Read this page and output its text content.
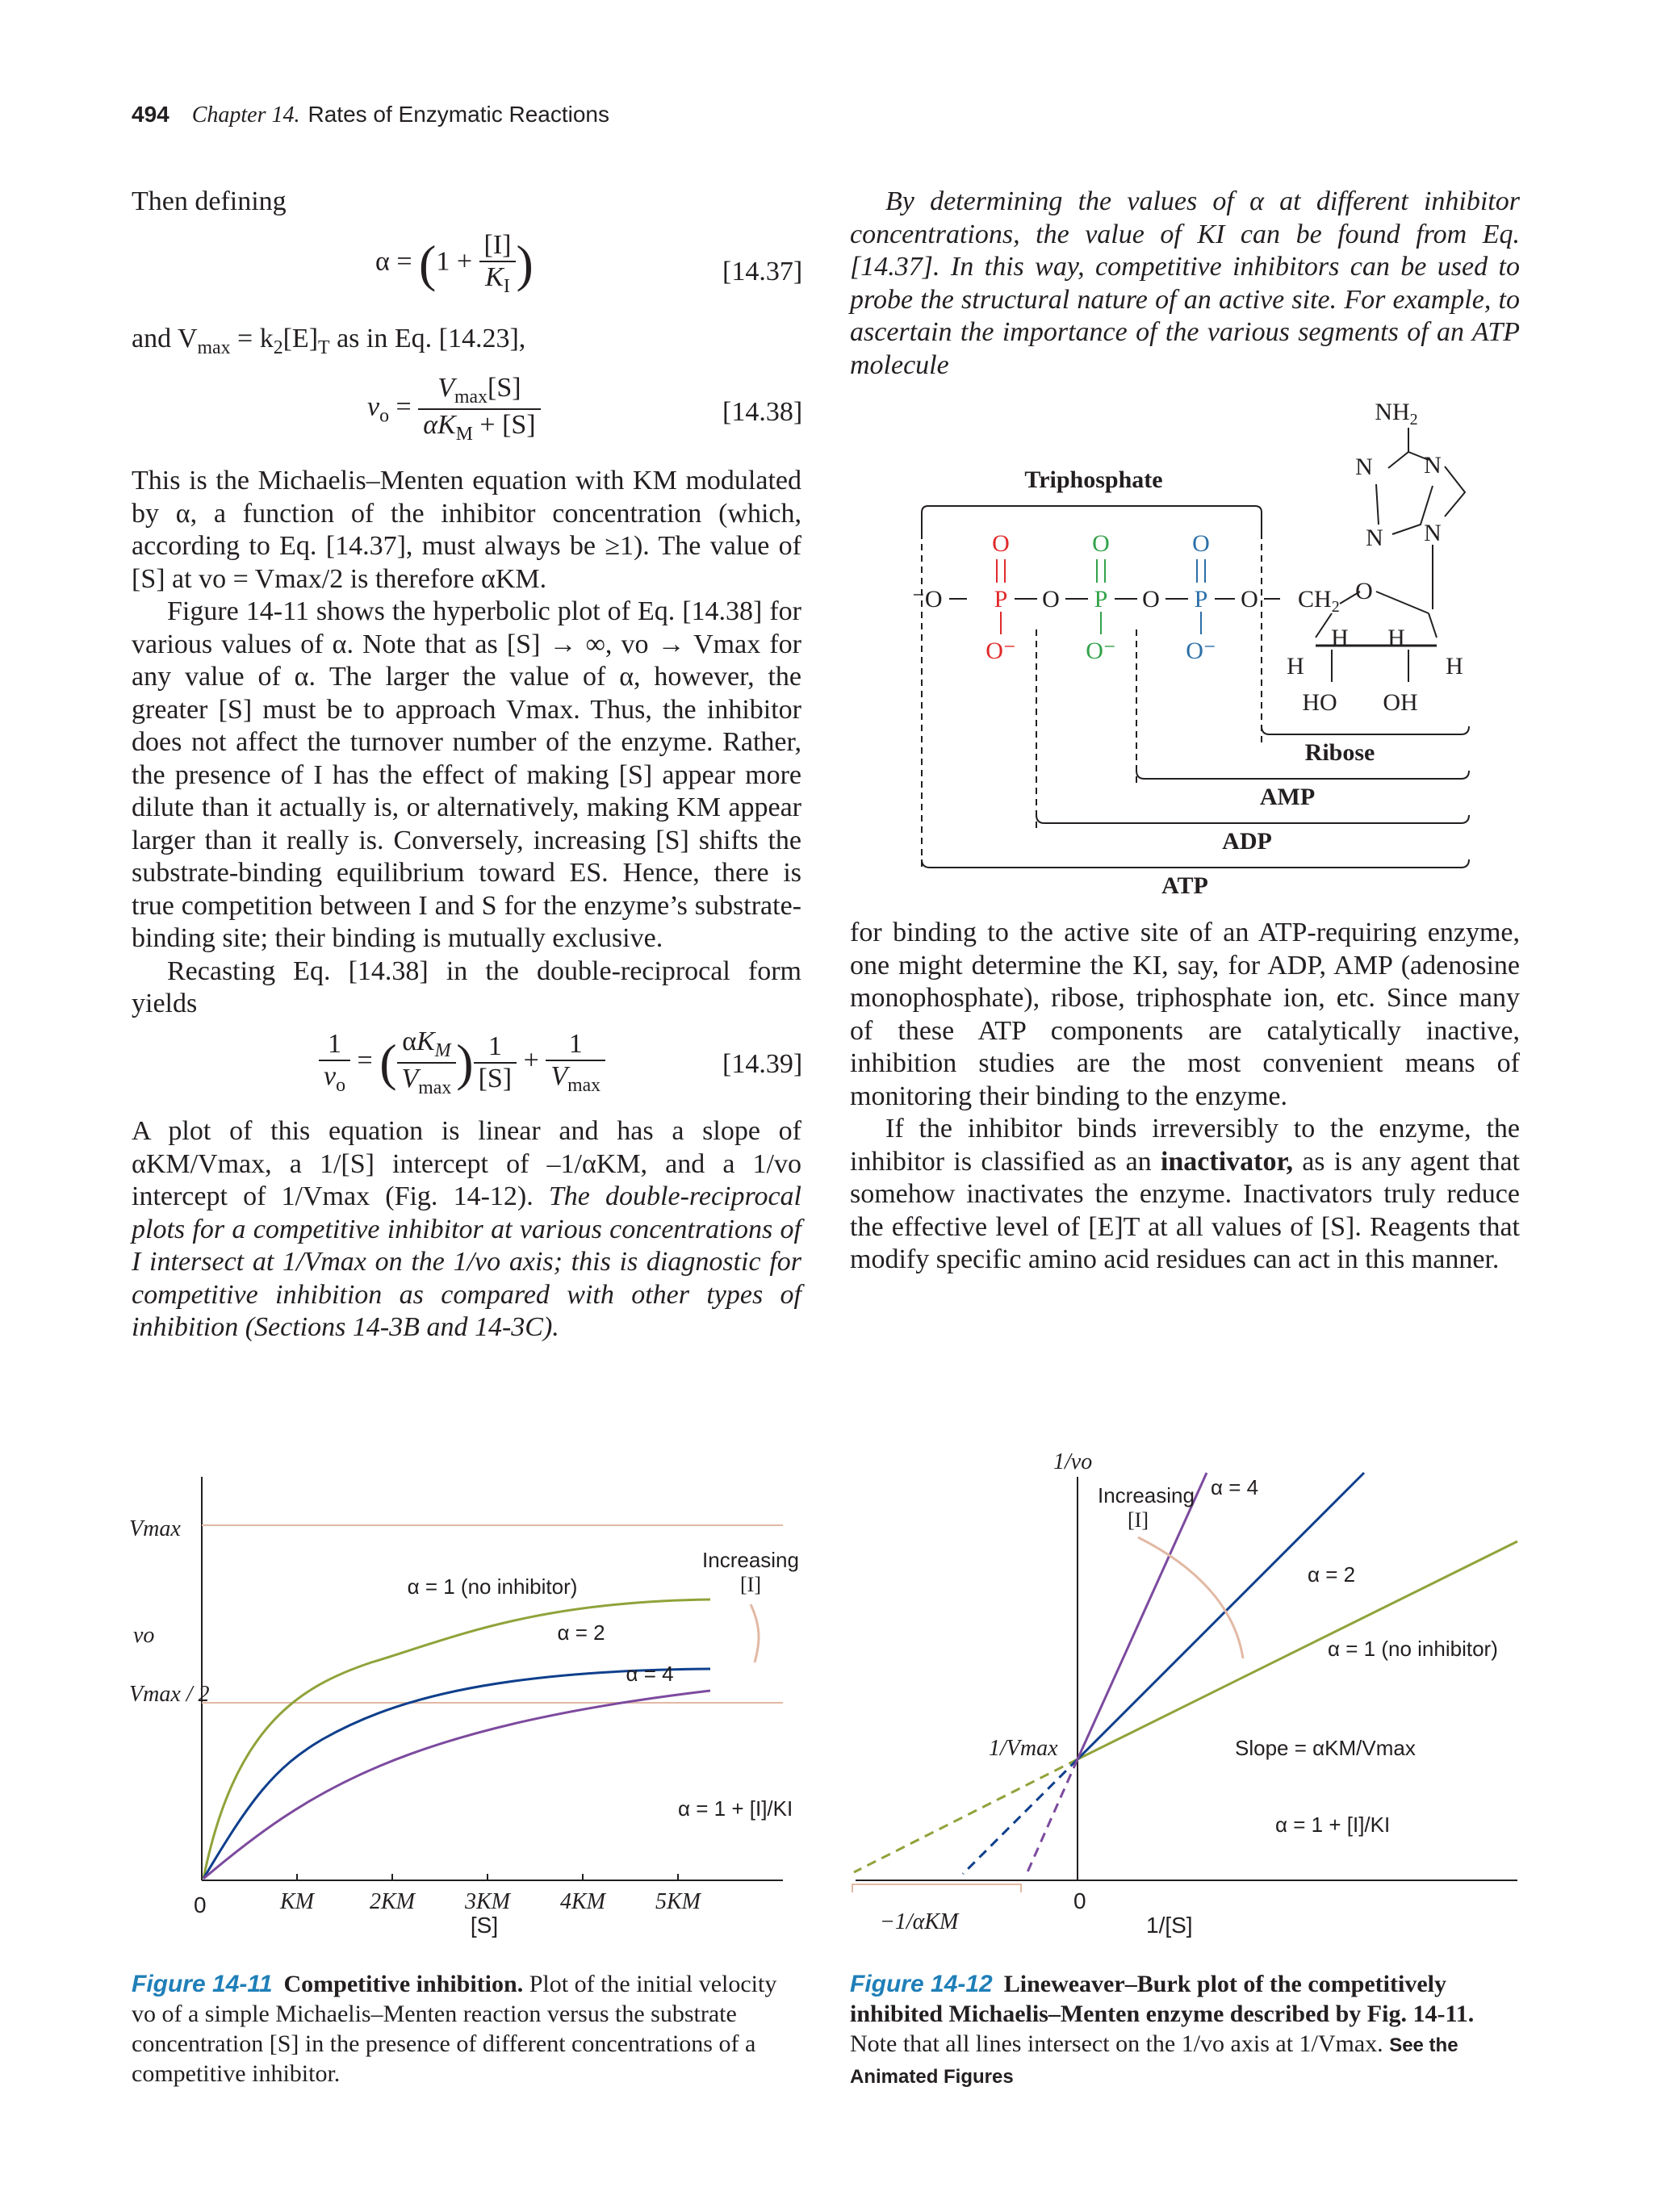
494 Chapter 14. Rates of Enzymatic Reactions

Then defining

$\alpha = (1 + \frac{[I]}{K_I}$ )	[14.37]
and $V_{max} = k_2[E]_T$ as in Eq. [14.23],
$v_o = \frac{V_{max}[S]}{\alpha K_M + [S]}$	[14.38]

This is the Michaelis–Menten equation with KM modulated by α, a function of the inhibitor concentration (which, according to Eq. [14.37], must always be ≥1). The value of [S] at vo = Vmax/2 is therefore αKM.

Figure 14-11 shows the hyperbolic plot of Eq. [14.38] for various values of α. Note that as [S] → ∞, vo → Vmax for any value of α. The larger the value of α, however, the greater [S] must be to approach Vmax. Thus, the inhibitor does not affect the turnover number of the enzyme. Rather, the presence of I has the effect of making [S] appear more dilute than it actually is, or alternatively, making KM appear larger than it really is. Conversely, increasing [S] shifts the substrate-binding equilibrium toward ES. Hence, there is true competition between I and S for the enzyme’s substrate-binding site; their binding is mutually exclusive.

Recasting Eq. [14.38] in the double-reciprocal form yields

$\frac{1}{v_o}$ = ( $\frac{\alpha K_M}{V_{max}}$ ) $\frac{1}{[S]} + \frac{1}{V_{max}}$	[14.39]
A plot of this equation is linear and has a slope of αKM/Vmax, a 1/[S] intercept of –1/αKM, and a 1/vo intercept of 1/Vmax (Fig. 14-12). The double-reciprocal plots for a competitive inhibitor at various concentrations of I intersect at 1/Vmax on the 1/vo axis; this is diagnostic for competitive inhibition as compared with other types of inhibition (Sections 14-3B and 14-3C).

By determining the values of α at different inhibitor concentrations, the value of KI can be found from Eq. [14.37]. In this way, competitive inhibitors can be used to probe the structural nature of an active site. For example, to ascertain the importance of the various segments of an ATP molecule

Triphosphate
⁻O P
O
O⁻
O P
O
O⁻
O P
O
O⁻
O $CH_2$
O
H
H H
H
HO OH
N
N
N
N
$NH_2$
Ribose
AMP
ADP
ATP

for binding to the active site of an ATP-requiring enzyme, one might determine the KI, say, for ADP, AMP (adenosine monophosphate), ribose, triphosphate ion, etc. Since many of these ATP components are catalytically inactive, inhibition studies are the most convenient means of monitoring their binding to the enzyme.

If the inhibitor binds irreversibly to the enzyme, the inhibitor is classified as an inactivator, as is any agent that somehow inactivates the enzyme. Inactivators truly reduce the effective level of [E]T at all values of [S]. Reagents that modify specific amino acid residues can act in this manner.

Vmax
vo
Vmax / 2
0	KM 2KM 3KM 4KM 5KM
[S]
α = 1 (no inhibitor)
α = 2
α = 4
Increasing
[I]
α = 1 + [I]/KI
Figure 14-11 Competitive inhibition. Plot of the initial velocity vo of a simple Michaelis–Menten reaction versus the substrate concentration [S] in the presence of different concentrations of a competitive inhibitor.
1/vo
0
1/[S]
1/Vmax
−1/αKM
α = 4
α = 2
α = 1 (no inhibitor)
Increasing
[I]
Slope = αKM/Vmax
α = 1 + [I]/KI
Figure 14-12 Lineweaver–Burk plot of the competitively inhibited Michaelis–Menten enzyme described by Fig. 14-11. Note that all lines intersect on the 1/vo axis at 1/Vmax. See the Animated Figures
